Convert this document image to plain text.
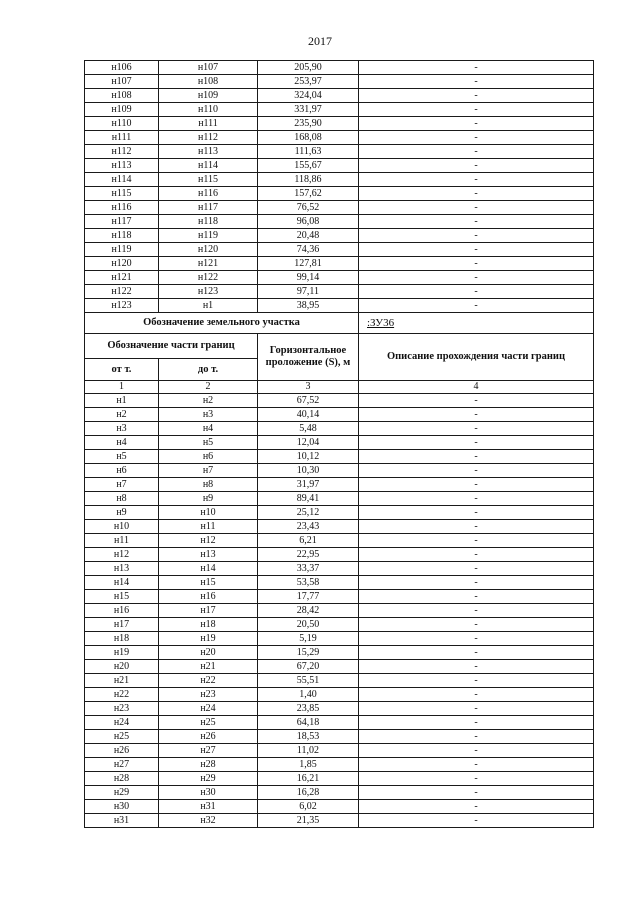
2017
н106	н107	205,90	-
н107	н108	253,97	-
н108	н109	324,04	-
н109	н110	331,97	-
н110	н111	235,90	-
н111	н112	168,08	-
н112	н113	111,63	-
н113	н114	155,67	-
н114	н115	118,86	-
н115	н116	157,62	-
н116	н117	76,52	-
н117	н118	96,08	-
н118	н119	20,48	-
н119	н120	74,36	-
н120	н121	127,81	-
н121	н122	99,14	-
н122	н123	97,11	-
н123	н1	38,95	-
Обозначение земельного участка			:ЗУ36
Обозначение части границ		Горизонтальное проложение (S), м	Описание прохождения части границ
от т.	до т.		
1	2	3	4
н1	н2	67,52	-
н2	н3	40,14	-
н3	н4	5,48	-
н4	н5	12,04	-
н5	н6	10,12	-
н6	н7	10,30	-
н7	н8	31,97	-
н8	н9	89,41	-
н9	н10	25,12	-
н10	н11	23,43	-
н11	н12	6,21	-
н12	н13	22,95	-
н13	н14	33,37	-
н14	н15	53,58	-
н15	н16	17,77	-
н16	н17	28,42	-
н17	н18	20,50	-
н18	н19	5,19	-
н19	н20	15,29	-
н20	н21	67,20	-
н21	н22	55,51	-
н22	н23	1,40	-
н23	н24	23,85	-
н24	н25	64,18	-
н25	н26	18,53	-
н26	н27	11,02	-
н27	н28	1,85	-
н28	н29	16,21	-
н29	н30	16,28	-
н30	н31	6,02	-
н31	н32	21,35	-
